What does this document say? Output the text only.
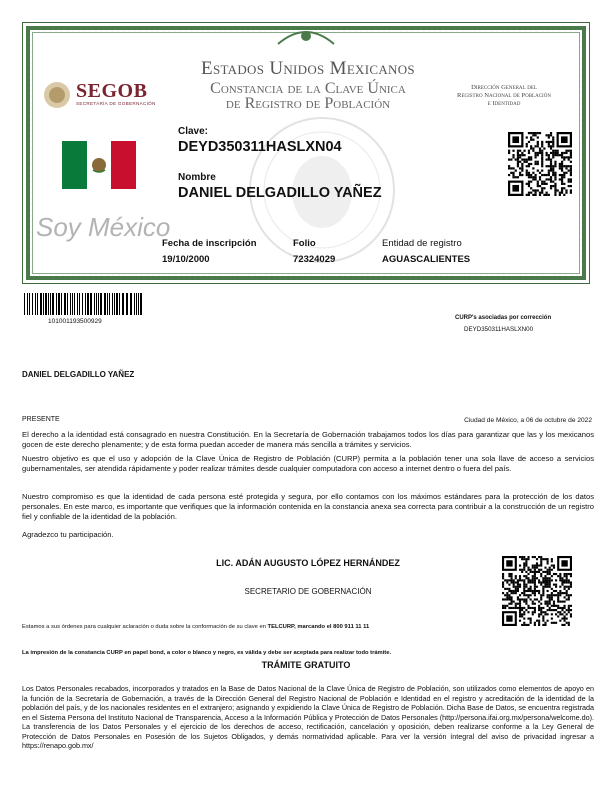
SEGOB
SECRETARÍA DE GOBERNACIÓN
Estados Unidos Mexicanos
Constancia de la Clave Única
de Registro de Población
Dirección General del
Registro Nacional de Población
e Identidad
Clave:
DEYD350311HASLXN04
Nombre
DANIEL DELGADILLO YAÑEZ
Soy México
Fecha de inscripción
19/10/2000
Folio
72324029
Entidad de registro
AGUASCALIENTES
101001193500929	CURP's asociadas por corrección
DEYD350311HASLXN00
DANIEL DELGADILLO YAÑEZ
PRESENTE	Ciudad de México, a 06 de octubre de 2022
El derecho a la identidad está consagrado en nuestra Constitución. En la Secretaría de Gobernación trabajamos todos los días para garantizar que las y los mexicanos gocen de este derecho plenamente; y de esta forma puedan acceder de manera más sencilla a trámites y servicios.
Nuestro objetivo es que el uso y adopción de la Clave Única de Registro de Población (CURP) permita a la población tener una sola llave de acceso a servicios gubernamentales, ser atendida rápidamente y poder realizar trámites desde cualquier computadora con acceso a internet dentro o fuera del país.
Nuestro compromiso es que la identidad de cada persona esté protegida y segura, por ello contamos con los máximos estándares para la protección de los datos personales. En este marco, es importante que verifiques que la información contenida en la constancia anexa sea correcta para contribuir a la construcción de un registro fiel y confiable de la identidad de la población.
Agradezco tu participación.
LIC. ADÁN AUGUSTO LÓPEZ HERNÁNDEZ
SECRETARIO DE GOBERNACIÓN
Estamos a sus órdenes para cualquier aclaración o duda sobre la conformación de su clave en TELCURP, marcando el 800 911 11 11
La impresión de la constancia CURP en papel bond, a color o blanco y negro, es válida y debe ser aceptada para realizar todo trámite.
TRÁMITE GRATUITO
Los Datos Personales recabados, incorporados y tratados en la Base de Datos Nacional de la Clave Única de Registro de Población, son utilizados como elementos de apoyo en la función de la Secretaría de Gobernación, a través de la Dirección General del Registro Nacional de Población e Identidad en el registro y acreditación de la identidad de la población del país, y de los nacionales residentes en el extranjero; asignando y expidiendo la Clave Única de Registro de Población. Dicha Base de Datos, se encuentra registrada en el Sistema Persona del Instituto Nacional de Transparencia, Acceso a la Información Pública y Protección de Datos Personales (http://persona.ifai.org.mx/persona/welcome.do). La transferencia de los Datos Personales y el ejercicio de los derechos de acceso, rectificación, cancelación y oposición, deben realizarse conforme a la Ley General de Protección de Datos Personales en Posesión de los Sujetos Obligados, y demás normatividad aplicable. Para ver la versión íntegral del aviso de privacidad ingresar a https://renapo.gob.mx/
